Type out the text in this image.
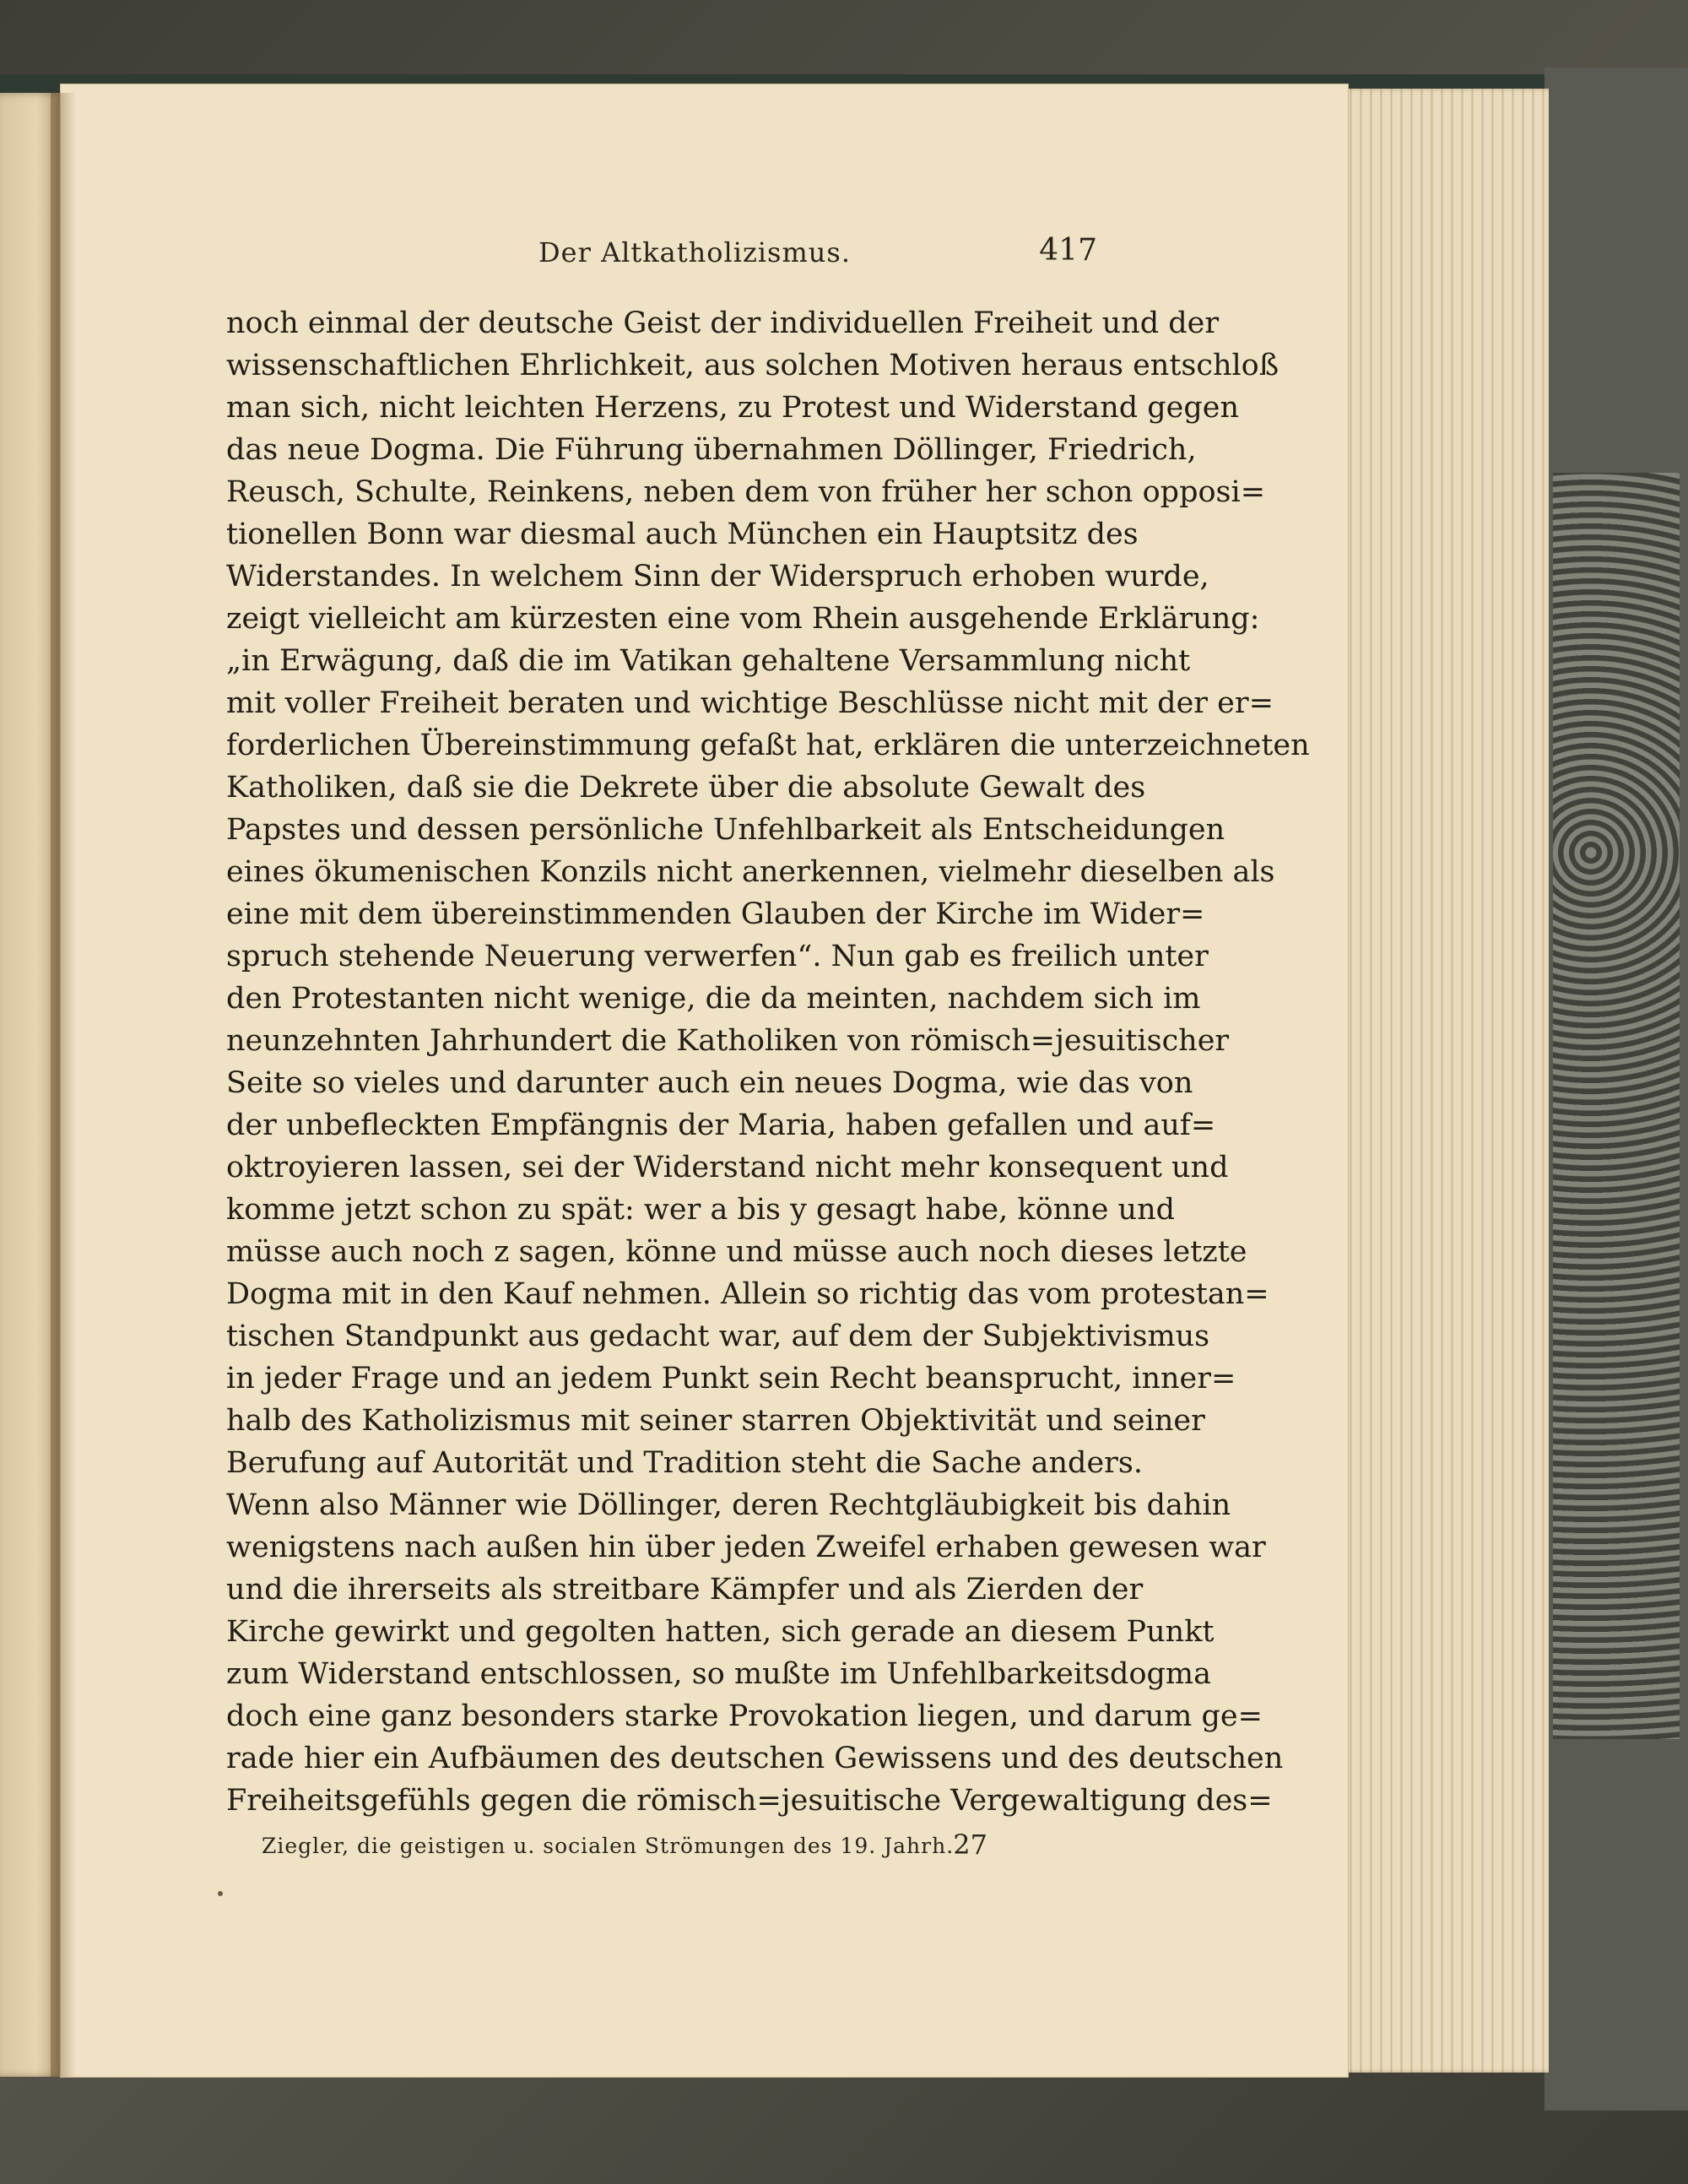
Der Altkatholizismus.	417
noch einmal der deutsche Geist der individuellen Freiheit und der
wissenschaftlichen Ehrlichkeit, aus solchen Motiven heraus entschloß
man sich, nicht leichten Herzens, zu Protest und Widerstand gegen
das neue Dogma. Die Führung übernahmen Döllinger, Friedrich,
Reusch, Schulte, Reinkens, neben dem von früher her schon opposi=
tionellen Bonn war diesmal auch München ein Hauptsitz des
Widerstandes. In welchem Sinn der Widerspruch erhoben wurde,
zeigt vielleicht am kürzesten eine vom Rhein ausgehende Erklärung:
„in Erwägung, daß die im Vatikan gehaltene Versammlung nicht
mit voller Freiheit beraten und wichtige Beschlüsse nicht mit der er=
forderlichen Übereinstimmung gefaßt hat, erklären die unterzeichneten
Katholiken, daß sie die Dekrete über die absolute Gewalt des
Papstes und dessen persönliche Unfehlbarkeit als Entscheidungen
eines ökumenischen Konzils nicht anerkennen, vielmehr dieselben als
eine mit dem übereinstimmenden Glauben der Kirche im Wider=
spruch stehende Neuerung verwerfen“. Nun gab es freilich unter
den Protestanten nicht wenige, die da meinten, nachdem sich im
neunzehnten Jahrhundert die Katholiken von römisch=jesuitischer
Seite so vieles und darunter auch ein neues Dogma, wie das von
der unbefleckten Empfängnis der Maria, haben gefallen und auf=
oktroyieren lassen, sei der Widerstand nicht mehr konsequent und
komme jetzt schon zu spät: wer a bis y gesagt habe, könne und
müsse auch noch z sagen, könne und müsse auch noch dieses letzte
Dogma mit in den Kauf nehmen. Allein so richtig das vom protestan=
tischen Standpunkt aus gedacht war, auf dem der Subjektivismus
in jeder Frage und an jedem Punkt sein Recht beansprucht, inner=
halb des Katholizismus mit seiner starren Objektivität und seiner
Berufung auf Autorität und Tradition steht die Sache anders.
Wenn also Männer wie Döllinger, deren Rechtgläubigkeit bis dahin
wenigstens nach außen hin über jeden Zweifel erhaben gewesen war
und die ihrerseits als streitbare Kämpfer und als Zierden der
Kirche gewirkt und gegolten hatten, sich gerade an diesem Punkt
zum Widerstand entschlossen, so mußte im Unfehlbarkeitsdogma
doch eine ganz besonders starke Provokation liegen, und darum ge=
rade hier ein Aufbäumen des deutschen Gewissens und des deutschen
Freiheitsgefühls gegen die römisch=jesuitische Vergewaltigung des=
Ziegler, die geistigen u. socialen Strömungen des 19. Jahrh. 27
